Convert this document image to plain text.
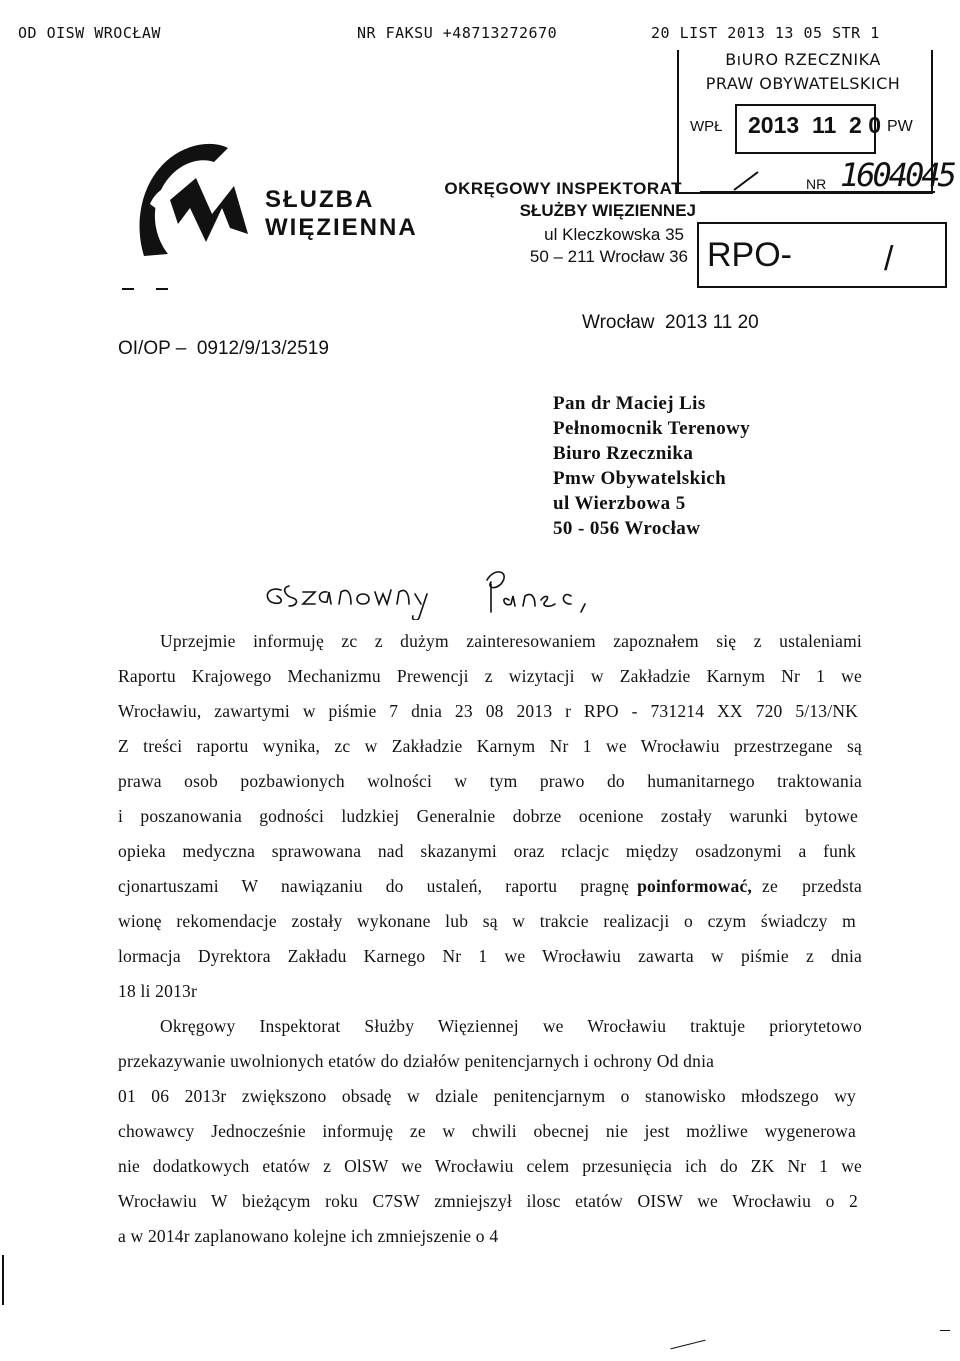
OD OISW WROCŁAW	NR FAKSU +48713272670	20 LIST 2013 13 05 STR 1
SŁUZBA
WIĘZIENNA
OKRĘGOWY INSPEKTORAT
SŁUŻBY WIĘZIENNEJ
ul Kleczkowska 35
50 – 211 Wrocław 36
BıURO RZECZNIKA
PRAW OBYWATELSKICH
WPŁ 2013  11  2 0 PW
NR 1604045
RPO-	/
OI/OP –  0912/9/13/2519
Wrocław  2013 11 20
Pan dr Maciej Lis
Pełnomocnik Terenowy
Biuro Rzecznika
Pmw Obywatelskich
ul Wierzbowa 5
50 - 056 Wrocław
Uprzejmie informuję zc z dużym zainteresowaniem zapoznałem się z ustaleniami
Raportu Krajowego Mechanizmu Prewencji z wizytacji w Zakładzie Karnym Nr 1 we
Wrocławiu, zawartymi w piśmie 7 dnia 23 08 2013 r RPO - 731214 XX 720 5/13/NK
Z treści raportu wynika, zc w Zakładzie Karnym Nr 1 we Wrocławiu przestrzegane są
prawa osob pozbawionych wolności w tym prawo do humanitarnego traktowania
i poszanowania godności ludzkiej Generalnie dobrze ocenione zostały warunki bytowe
opieka medyczna sprawowana nad skazanymi oraz rclacjc między osadzonymi a funk
cjonartuszami W nawiązaniu do ustaleń, raportu pragnę poinformować, ze przedsta
wionę rekomendacje zostały wykonane lub są w trakcie realizacji o czym świadczy m
lormacja Dyrektora Zakładu Karnego Nr 1 we Wrocławiu zawarta w piśmie z dnia
18 li 2013r
Okręgowy Inspektorat Służby Więziennej we Wrocławiu traktuje priorytetowo
przekazywanie uwolnionych etatów do działów penitencjarnych i ochrony Od dnia
01 06 2013r zwiększono obsadę w dziale penitencjarnym o stanowisko młodszego wy
chowawcy Jednocześnie informuję ze w chwili obecnej nie jest możliwe wygenerowa
nie dodatkowych etatów z OlSW we Wrocławiu celem przesunięcia ich do ZK Nr 1 we
Wrocławiu W bieżącym roku C7SW zmniejszył ilosc etatów OISW we Wrocławiu o 2
a w 2014r zaplanowano kolejne ich zmniejszenie o 4
